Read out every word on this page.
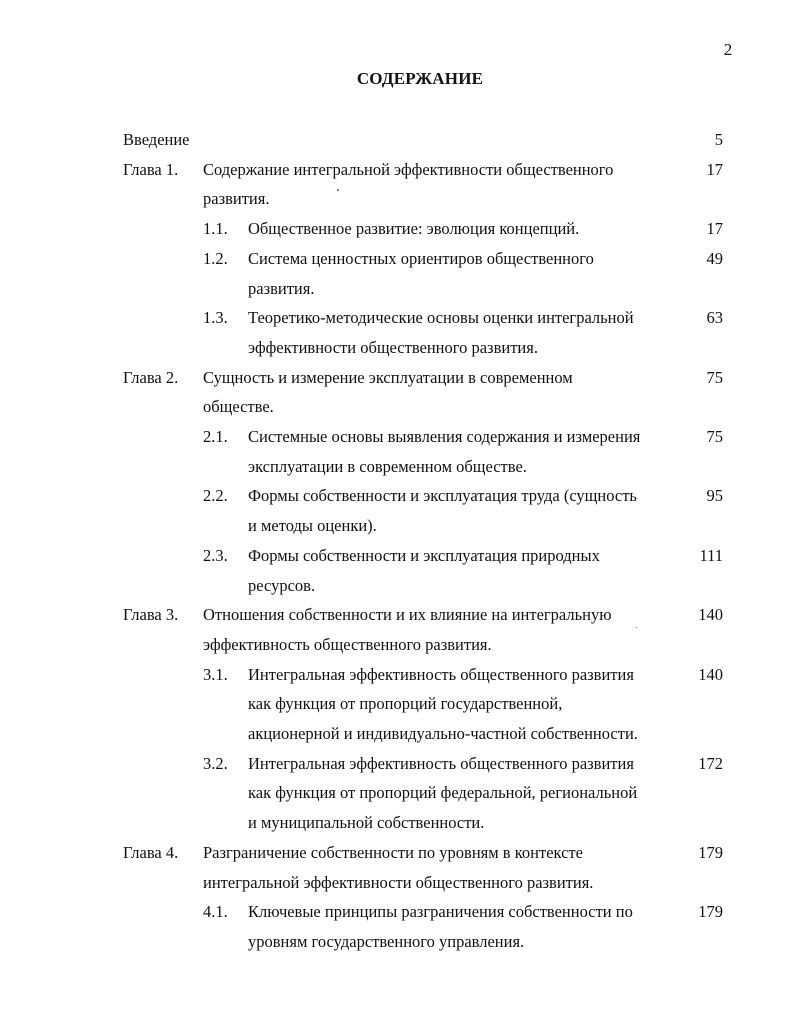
2
СОДЕРЖАНИЕ
Введение	5
Глава 1. Содержание интегральной эффективности общественного
развития.
17
1.1. Общественное развитие: эволюция концепций.	17
1.2. Система ценностных ориентиров общественного
развития.
49
1.3. Теоретико-методические основы оценки интегральной
эффективности общественного развития.
63
Глава 2. Сущность и измерение эксплуатации в современном
обществе.
75
2.1. Системные основы выявления содержания и измерения
эксплуатации в современном обществе.
75
2.2. Формы собственности и эксплуатация труда (сущность
и методы оценки).
95
2.3. Формы собственности и эксплуатация природных
ресурсов.
111
Глава 3. Отношения собственности и их влияние на интегральную
эффективность общественного развития.
140
3.1. Интегральная эффективность общественного развития
как функция от пропорций государственной,
акционерной и индивидуально-частной собственности.
140
3.2. Интегральная эффективность общественного развития
как функция от пропорций федеральной, региональной
и муниципальной собственности.
172
Глава 4. Разграничение собственности по уровням в контексте
интегральной эффективности общественного развития.
179
4.1. Ключевые принципы разграничения собственности по
уровням государственного управления.
179
